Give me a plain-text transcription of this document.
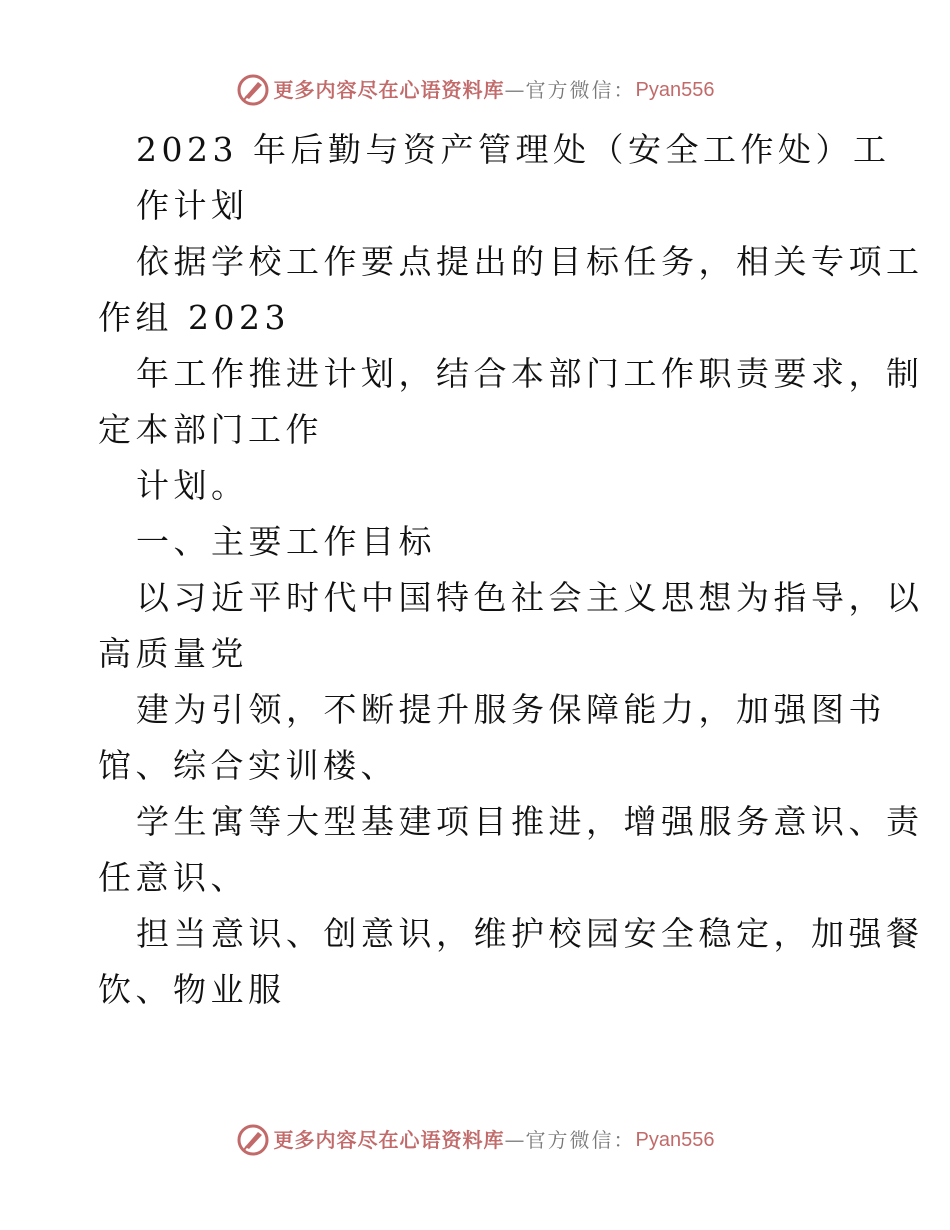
更多内容尽在心语资料库 — 官方微信： Pyan556
2023 年后勤与资产管理处（安全工作处）工
作计划
依据学校工作要点提出的目标任务，相关专项工
作组 2023
年工作推进计划，结合本部门工作职责要求，制
定本部门工作
计划。
一、主要工作目标
以习近平时代中国特色社会主义思想为指导，以
高质量党
建为引领，不断提升服务保障能力，加强图书
馆、综合实训楼、
学生寓等大型基建项目推进，增强服务意识、责
任意识、
担当意识、创意识，维护校园安全稳定，加强餐
饮、物业服
更多内容尽在心语资料库 — 官方微信： Pyan556
